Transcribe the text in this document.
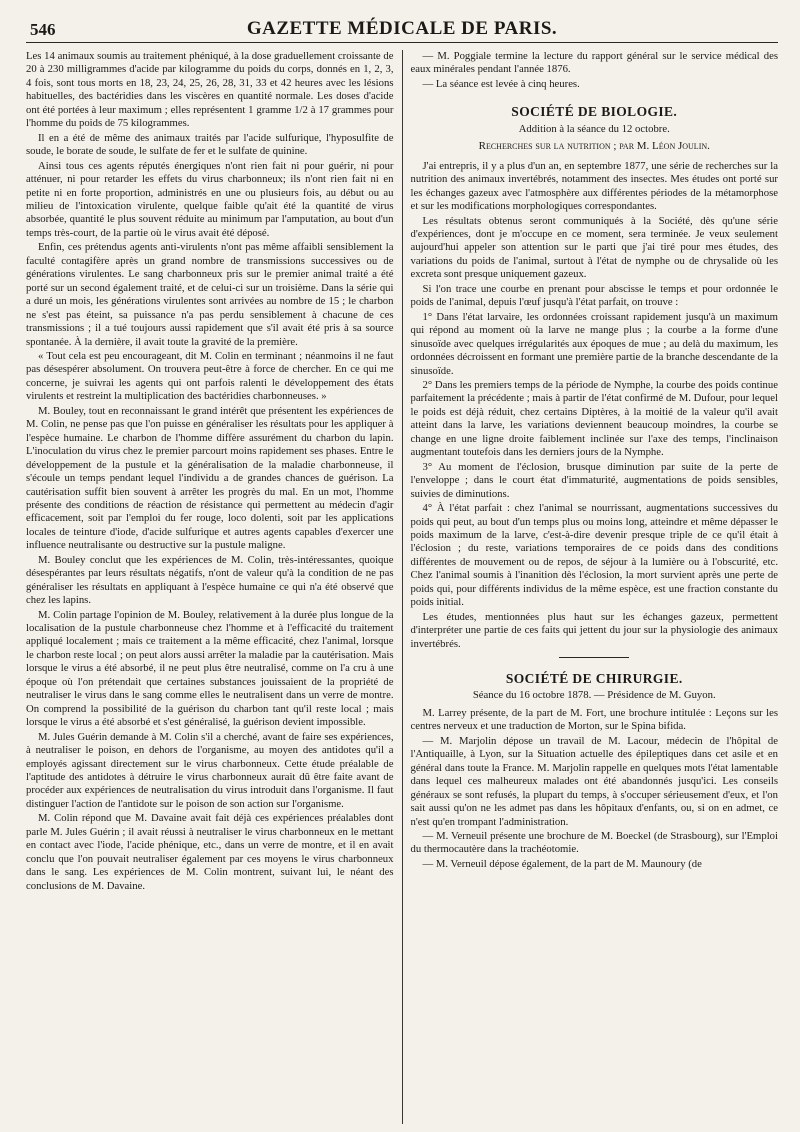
546	GAZETTE MÉDICALE DE PARIS.

Les 14 animaux soumis au traitement phéniqué, à la dose graduellement croissante de 20 à 230 milligrammes d'acide par kilogramme du poids du corps, donnés en 1, 2, 3, 4 fois, sont tous morts en 18, 23, 24, 25, 26, 28, 31, 33 et 42 heures avec les lésions habituelles, des bactéridies dans les viscères en quantité normale. Les doses d'acide ont été portées à leur maximum ; elles représentent 1 gramme 1/2 à 17 grammes pour l'homme du poids de 75 kilogrammes.

Il en a été de même des animaux traités par l'acide sulfurique, l'hyposulfite de soude, le borate de soude, le sulfate de fer et le sulfate de quinine.

Ainsi tous ces agents réputés énergiques n'ont rien fait ni pour guérir, ni pour atténuer, ni pour retarder les effets du virus charbonneux; ils n'ont rien fait ni en petite ni en forte proportion, administrés en une ou plusieurs fois, au début ou au milieu de l'intoxication virulente, quelque faible qu'ait été la quantité de virus absorbée, quantité le plus souvent réduite au minimum par l'amputation, au bout d'un temps très-court, de la partie où le virus avait été déposé.

Enfin, ces prétendus agents anti-virulents n'ont pas même affaibli sensiblement la faculté contagifère après un grand nombre de transmissions successives ou de générations virulentes. Le sang charbonneux pris sur le premier animal traité a été porté sur un second également traité, et de celui-ci sur un troisième. Dans la série qui a duré un mois, les générations virulentes sont arrivées au nombre de 15 ; le charbon ne s'est pas éteint, sa puissance n'a pas perdu sensiblement à chacune de ces transmissions ; il a tué toujours aussi rapidement que s'il avait été pris à sa source spontanée. À la dernière, il avait toute la gravité de la première.

« Tout cela est peu encourageant, dit M. Colin en terminant ; néanmoins il ne faut pas désespérer absolument. On trouvera peut-être à force de chercher. En ce qui me concerne, je suivrai les agents qui ont parfois ralenti le développement des états virulents et restreint la multiplication des bactéridies charbonneuses. »

M. Bouley, tout en reconnaissant le grand intérêt que présentent les expériences de M. Colin, ne pense pas que l'on puisse en généraliser les résultats pour les appliquer à l'espèce humaine. Le charbon de l'homme diffère assurément du charbon du lapin. L'inoculation du virus chez le premier parcourt moins rapidement ses phases. Entre le développement de la pustule et la généralisation de la maladie charbonneuse, il s'écoule un temps pendant lequel l'individu a de grandes chances de guérison. La cautérisation suffit bien souvent à arrêter les progrès du mal. En un mot, l'homme présente des conditions de réaction de résistance qui permettent au médecin d'agir efficacement, soit par l'emploi du fer rouge, loco dolenti, soit par les applications locales de teinture d'iode, d'acide sulfurique et autres agents capables d'exercer une influence neutralisante ou destructive sur la pustule maligne.

M. Bouley conclut que les expériences de M. Colin, très-intéressantes, quoique désespérantes par leurs résultats négatifs, n'ont de valeur qu'à la condition de ne pas généraliser les résultats en appliquant à l'espèce humaine ce qui n'a été observé que chez les lapins.

M. Colin partage l'opinion de M. Bouley, relativement à la durée plus longue de la localisation de la pustule charbonneuse chez l'homme et à l'efficacité du traitement appliqué localement ; mais ce traitement a la même efficacité, chez l'animal, lorsque le charbon reste local ; on peut alors aussi arrêter la maladie par la cautérisation. Mais lorsque le virus a été absorbé, il ne peut plus être neutralisé, comme on l'a cru à une époque où l'on prétendait que certaines substances jouissaient de la propriété de neutraliser le virus dans le sang comme elles le neutralisent dans un verre de montre. On comprend la possibilité de la guérison du charbon tant qu'il reste local ; mais lorsque le virus a été absorbé et s'est généralisé, la guérison devient impossible.

M. Jules Guérin demande à M. Colin s'il a cherché, avant de faire ses expériences, à neutraliser le poison, en dehors de l'organisme, au moyen des antidotes qu'il a employés agissant directement sur le virus charbonneux. Cette étude préalable de l'aptitude des antidotes à détruire le virus charbonneux aurait dû être faite avant de procéder aux expériences de neutralisation du virus introduit dans l'organisme. Il faut distinguer l'action de l'antidote sur le poison de son action sur l'organisme.

M. Colin répond que M. Davaine avait fait déjà ces expériences préalables dont parle M. Jules Guérin ; il avait réussi à neutraliser le virus charbonneux en le mettant en contact avec l'iode, l'acide phénique, etc., dans un verre de montre, et il en avait conclu que l'on pouvait neutraliser également par ces moyens le virus charbonneux dans le sang. Les expériences de M. Colin montrent, suivant lui, le néant des conclusions de M. Davaine.

— M. Poggiale termine la lecture du rapport général sur le service médical des eaux minérales pendant l'année 1876.

— La séance est levée à cinq heures.

SOCIÉTÉ DE BIOLOGIE.

Addition à la séance du 12 octobre.

Recherches sur la nutrition ; par M. Léon Joulin.

J'ai entrepris, il y a plus d'un an, en septembre 1877, une série de recherches sur la nutrition des animaux invertébrés, notamment des insectes. Mes études ont porté sur les échanges gazeux avec l'atmosphère aux différentes périodes de la métamorphose et sur les modifications morphologiques correspondantes.

Les résultats obtenus seront communiqués à la Société, dès qu'une série d'expériences, dont je m'occupe en ce moment, sera terminée. Je veux seulement aujourd'hui appeler son attention sur le parti que j'ai tiré pour mes études, des variations du poids de l'animal, surtout à l'état de nymphe ou de chrysalide où les excreta sont presque uniquement gazeux.

Si l'on trace une courbe en prenant pour abscisse le temps et pour ordonnée le poids de l'animal, depuis l'œuf jusqu'à l'état parfait, on trouve :

1° Dans l'état larvaire, les ordonnées croissant rapidement jusqu'à un maximum qui répond au moment où la larve ne mange plus ; la courbe a la forme d'une sinusoïde avec quelques irrégularités aux époques de mue ; au delà du maximum, les ordonnées décroissent en formant une première partie de la branche descendante de la sinusoïde.

2° Dans les premiers temps de la période de Nymphe, la courbe des poids continue parfaitement la précédente ; mais à partir de l'état confirmé de M. Dufour, pour lequel le poids est déjà réduit, chez certains Diptères, à la moitié de la valeur qu'il avait atteint dans la larve, les variations deviennent beaucoup moindres, la courbe se change en une ligne droite faiblement inclinée sur l'axe des temps, l'inclinaison augmentant toutefois dans les derniers jours de la Nymphe.

3° Au moment de l'éclosion, brusque diminution par suite de la perte de l'enveloppe ; dans le court état d'immaturité, augmentations de poids sensibles, suivies de diminutions.

4° À l'état parfait : chez l'animal se nourrissant, augmentations successives du poids qui peut, au bout d'un temps plus ou moins long, atteindre et même dépasser le poids maximum de la larve, c'est-à-dire devenir presque triple de ce qu'il était à l'éclosion ; du reste, variations temporaires de ce poids dans des conditions différentes de mouvement ou de repos, de séjour à la lumière ou à l'obscurité, etc. Chez l'animal soumis à l'inanition dès l'éclosion, la mort survient après une perte de poids qui, pour différents individus de la même espèce, est une fraction constante du poids initial.

Les études, mentionnées plus haut sur les échanges gazeux, permettent d'interpréter une partie de ces faits qui jettent du jour sur la physiologie des animaux invertébrés.

SOCIÉTÉ DE CHIRURGIE.

Séance du 16 octobre 1878. — Présidence de M. Guyon.

M. Larrey présente, de la part de M. Fort, une brochure intitulée : Leçons sur les centres nerveux et une traduction de Morton, sur le Spina bifida.

— M. Marjolin dépose un travail de M. Lacour, médecin de l'hôpital de l'Antiquaille, à Lyon, sur la Situation actuelle des épileptiques dans cet asile et en général dans toute la France. M. Marjolin rappelle en quelques mots l'état lamentable dans lequel ces malheureux malades ont été abandonnés jusqu'ici. Les conseils généraux se sont refusés, la plupart du temps, à s'occuper sérieusement d'eux, et l'on sait aussi qu'on ne les admet pas dans les hôpitaux d'enfants, ou, si on en admet, ce n'est qu'en trompant l'administration.

— M. Verneuil présente une brochure de M. Boeckel (de Strasbourg), sur l'Emploi du thermocautère dans la trachéotomie.

— M. Verneuil dépose également, de la part de M. Maunoury (de
